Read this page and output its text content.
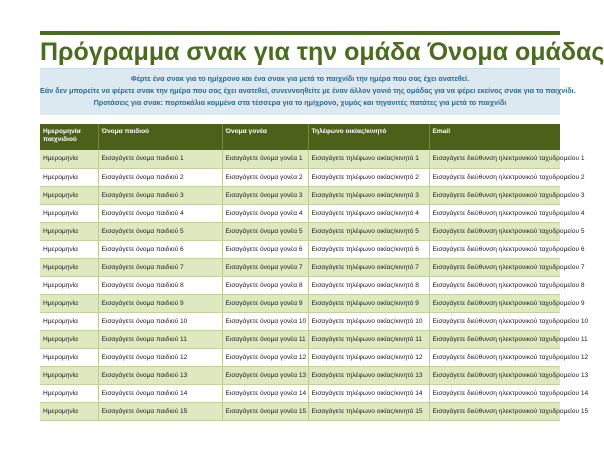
Πρόγραμμα σνακ για την ομάδα Όνομα ομάδας
Φέρτε ένα σνακ για το ημίχρονο και ένα σνακ για μετά το παιχνίδι την ημέρα που σας έχει ανατεθεί.
Εάν δεν μπορείτε να φέρετε σνακ την ημέρα που σας έχει ανατεθεί, συνεννοηθείτε με έναν άλλον γονιό της ομάδας για να φέρει εκείνος σνακ για το παιχνίδι.
Προτάσεις για σνακ: πορτοκάλια κομμένα στα τέσσερα για το ημίχρονο, χυμός και τηγανιτές πατάτες για μετά το παιχνίδι
Ημερομηνία παιχνιδιού	Όνομα παιδιού	Όνομα γονέα	Τηλέφωνο οικίας/κινητό	Email
Ημερομηνία	Εισαγάγετε όνομα παιδιού 1	Εισαγάγετε όνομα γονέα 1	Εισαγάγετε τηλέφωνο οικίας/κινητό 1	Εισαγάγετε διεύθυνση ηλεκτρονικού ταχυδρομείου 1
Ημερομηνία	Εισαγάγετε όνομα παιδιού 2	Εισαγάγετε όνομα γονέα 2	Εισαγάγετε τηλέφωνο οικίας/κινητό 2	Εισαγάγετε διεύθυνση ηλεκτρονικού ταχυδρομείου 2
Ημερομηνία	Εισαγάγετε όνομα παιδιού 3	Εισαγάγετε όνομα γονέα 3	Εισαγάγετε τηλέφωνο οικίας/κινητό 3	Εισαγάγετε διεύθυνση ηλεκτρονικού ταχυδρομείου 3
Ημερομηνία	Εισαγάγετε όνομα παιδιού 4	Εισαγάγετε όνομα γονέα 4	Εισαγάγετε τηλέφωνο οικίας/κινητό 4	Εισαγάγετε διεύθυνση ηλεκτρονικού ταχυδρομείου 4
Ημερομηνία	Εισαγάγετε όνομα παιδιού 5	Εισαγάγετε όνομα γονέα 5	Εισαγάγετε τηλέφωνο οικίας/κινητό 5	Εισαγάγετε διεύθυνση ηλεκτρονικού ταχυδρομείου 5
Ημερομηνία	Εισαγάγετε όνομα παιδιού 6	Εισαγάγετε όνομα γονέα 6	Εισαγάγετε τηλέφωνο οικίας/κινητό 6	Εισαγάγετε διεύθυνση ηλεκτρονικού ταχυδρομείου 6
Ημερομηνία	Εισαγάγετε όνομα παιδιού 7	Εισαγάγετε όνομα γονέα 7	Εισαγάγετε τηλέφωνο οικίας/κινητό 7	Εισαγάγετε διεύθυνση ηλεκτρονικού ταχυδρομείου 7
Ημερομηνία	Εισαγάγετε όνομα παιδιού 8	Εισαγάγετε όνομα γονέα 8	Εισαγάγετε τηλέφωνο οικίας/κινητό 8	Εισαγάγετε διεύθυνση ηλεκτρονικού ταχυδρομείου 8
Ημερομηνία	Εισαγάγετε όνομα παιδιού 9	Εισαγάγετε όνομα γονέα 9	Εισαγάγετε τηλέφωνο οικίας/κινητό 9	Εισαγάγετε διεύθυνση ηλεκτρονικού ταχυδρομείου 9
Ημερομηνία	Εισαγάγετε όνομα παιδιού 10	Εισαγάγετε όνομα γονέα 10	Εισαγάγετε τηλέφωνο οικίας/κινητό 10	Εισαγάγετε διεύθυνση ηλεκτρονικού ταχυδρομείου 10
Ημερομηνία	Εισαγάγετε όνομα παιδιού 11	Εισαγάγετε όνομα γονέα 11	Εισαγάγετε τηλέφωνο οικίας/κινητό 11	Εισαγάγετε διεύθυνση ηλεκτρονικού ταχυδρομείου 11
Ημερομηνία	Εισαγάγετε όνομα παιδιού 12	Εισαγάγετε όνομα γονέα 12	Εισαγάγετε τηλέφωνο οικίας/κινητό 12	Εισαγάγετε διεύθυνση ηλεκτρονικού ταχυδρομείου 12
Ημερομηνία	Εισαγάγετε όνομα παιδιού 13	Εισαγάγετε όνομα γονέα 13	Εισαγάγετε τηλέφωνο οικίας/κινητό 13	Εισαγάγετε διεύθυνση ηλεκτρονικού ταχυδρομείου 13
Ημερομηνία	Εισαγάγετε όνομα παιδιού 14	Εισαγάγετε όνομα γονέα 14	Εισαγάγετε τηλέφωνο οικίας/κινητό 14	Εισαγάγετε διεύθυνση ηλεκτρονικού ταχυδρομείου 14
Ημερομηνία	Εισαγάγετε όνομα παιδιού 15	Εισαγάγετε όνομα γονέα 15	Εισαγάγετε τηλέφωνο οικίας/κινητό 15	Εισαγάγετε διεύθυνση ηλεκτρονικού ταχυδρομείου 15
